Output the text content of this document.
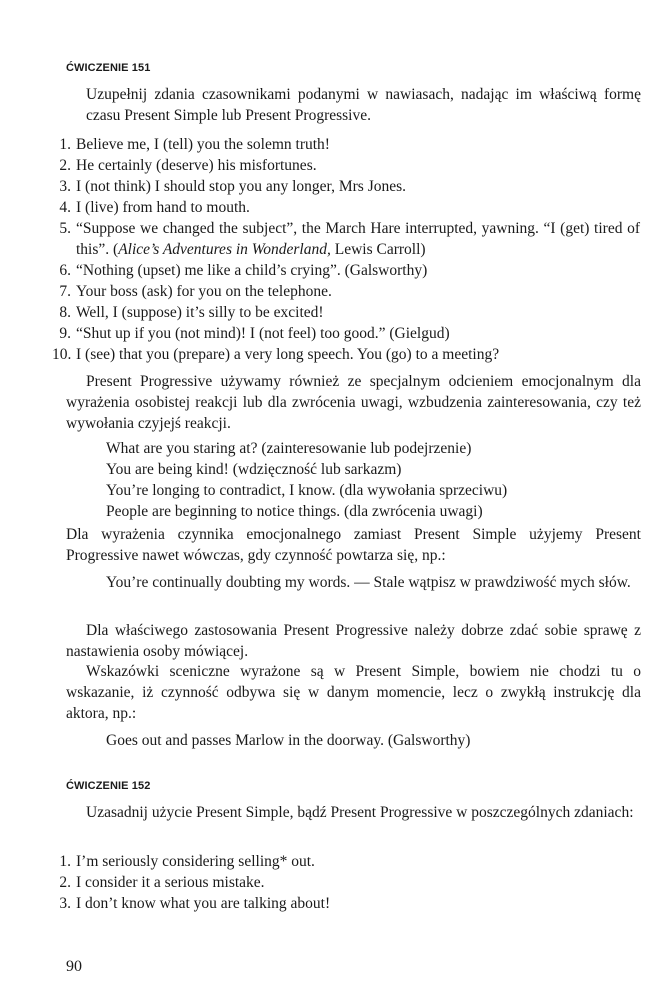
ĆWICZENIE 151
Uzupełnij zdania czasownikami podanymi w nawiasach, nadając im właściwą formę czasu Present Simple lub Present Progressive.
1. Believe me, I (tell) you the solemn truth!
2. He certainly (deserve) his misfortunes.
3. I (not think) I should stop you any longer, Mrs Jones.
4. I (live) from hand to mouth.
5. “Suppose we changed the subject”, the March Hare interrupted, yawning. “I (get) tired of this”. (Alice’s Adventures in Wonderland, Lewis Carroll)
6. “Nothing (upset) me like a child’s crying”. (Galsworthy)
7. Your boss (ask) for you on the telephone.
8. Well, I (suppose) it’s silly to be excited!
9. “Shut up if you (not mind)! I (not feel) too good.” (Gielgud)
10. I (see) that you (prepare) a very long speech. You (go) to a meeting?
Present Progressive używamy również ze specjalnym odcieniem emocjonalnym dla wyrażenia osobistej reakcji lub dla zwrócenia uwagi, wzbudzenia zainteresowania, czy też wywołania czyjejś reakcji.
What are you staring at? (zainteresowanie lub podejrzenie)
You are being kind! (wdzięczność lub sarkazm)
You’re longing to contradict, I know. (dla wywołania sprzeciwu)
People are beginning to notice things. (dla zwrócenia uwagi)
Dla wyrażenia czynnika emocjonalnego zamiast Present Simple użyjemy Present Progressive nawet wówczas, gdy czynność powtarza się, np.:
You’re continually doubting my words. — Stale wątpisz w prawdziwość mych słów.
Dla właściwego zastosowania Present Progressive należy dobrze zdać sobie sprawę z nastawienia osoby mówiącej.
Wskazówki sceniczne wyrażone są w Present Simple, bowiem nie chodzi tu o wskazanie, iż czynność odbywa się w danym momencie, lecz o zwykłą instrukcję dla aktora, np.:
Goes out and passes Marlow in the doorway. (Galsworthy)
ĆWICZENIE 152
Uzasadnij użycie Present Simple, bądź Present Progressive w poszczególnych zdaniach:
1. I’m seriously considering selling* out.
2. I consider it a serious mistake.
3. I don’t know what you are talking about!
90
